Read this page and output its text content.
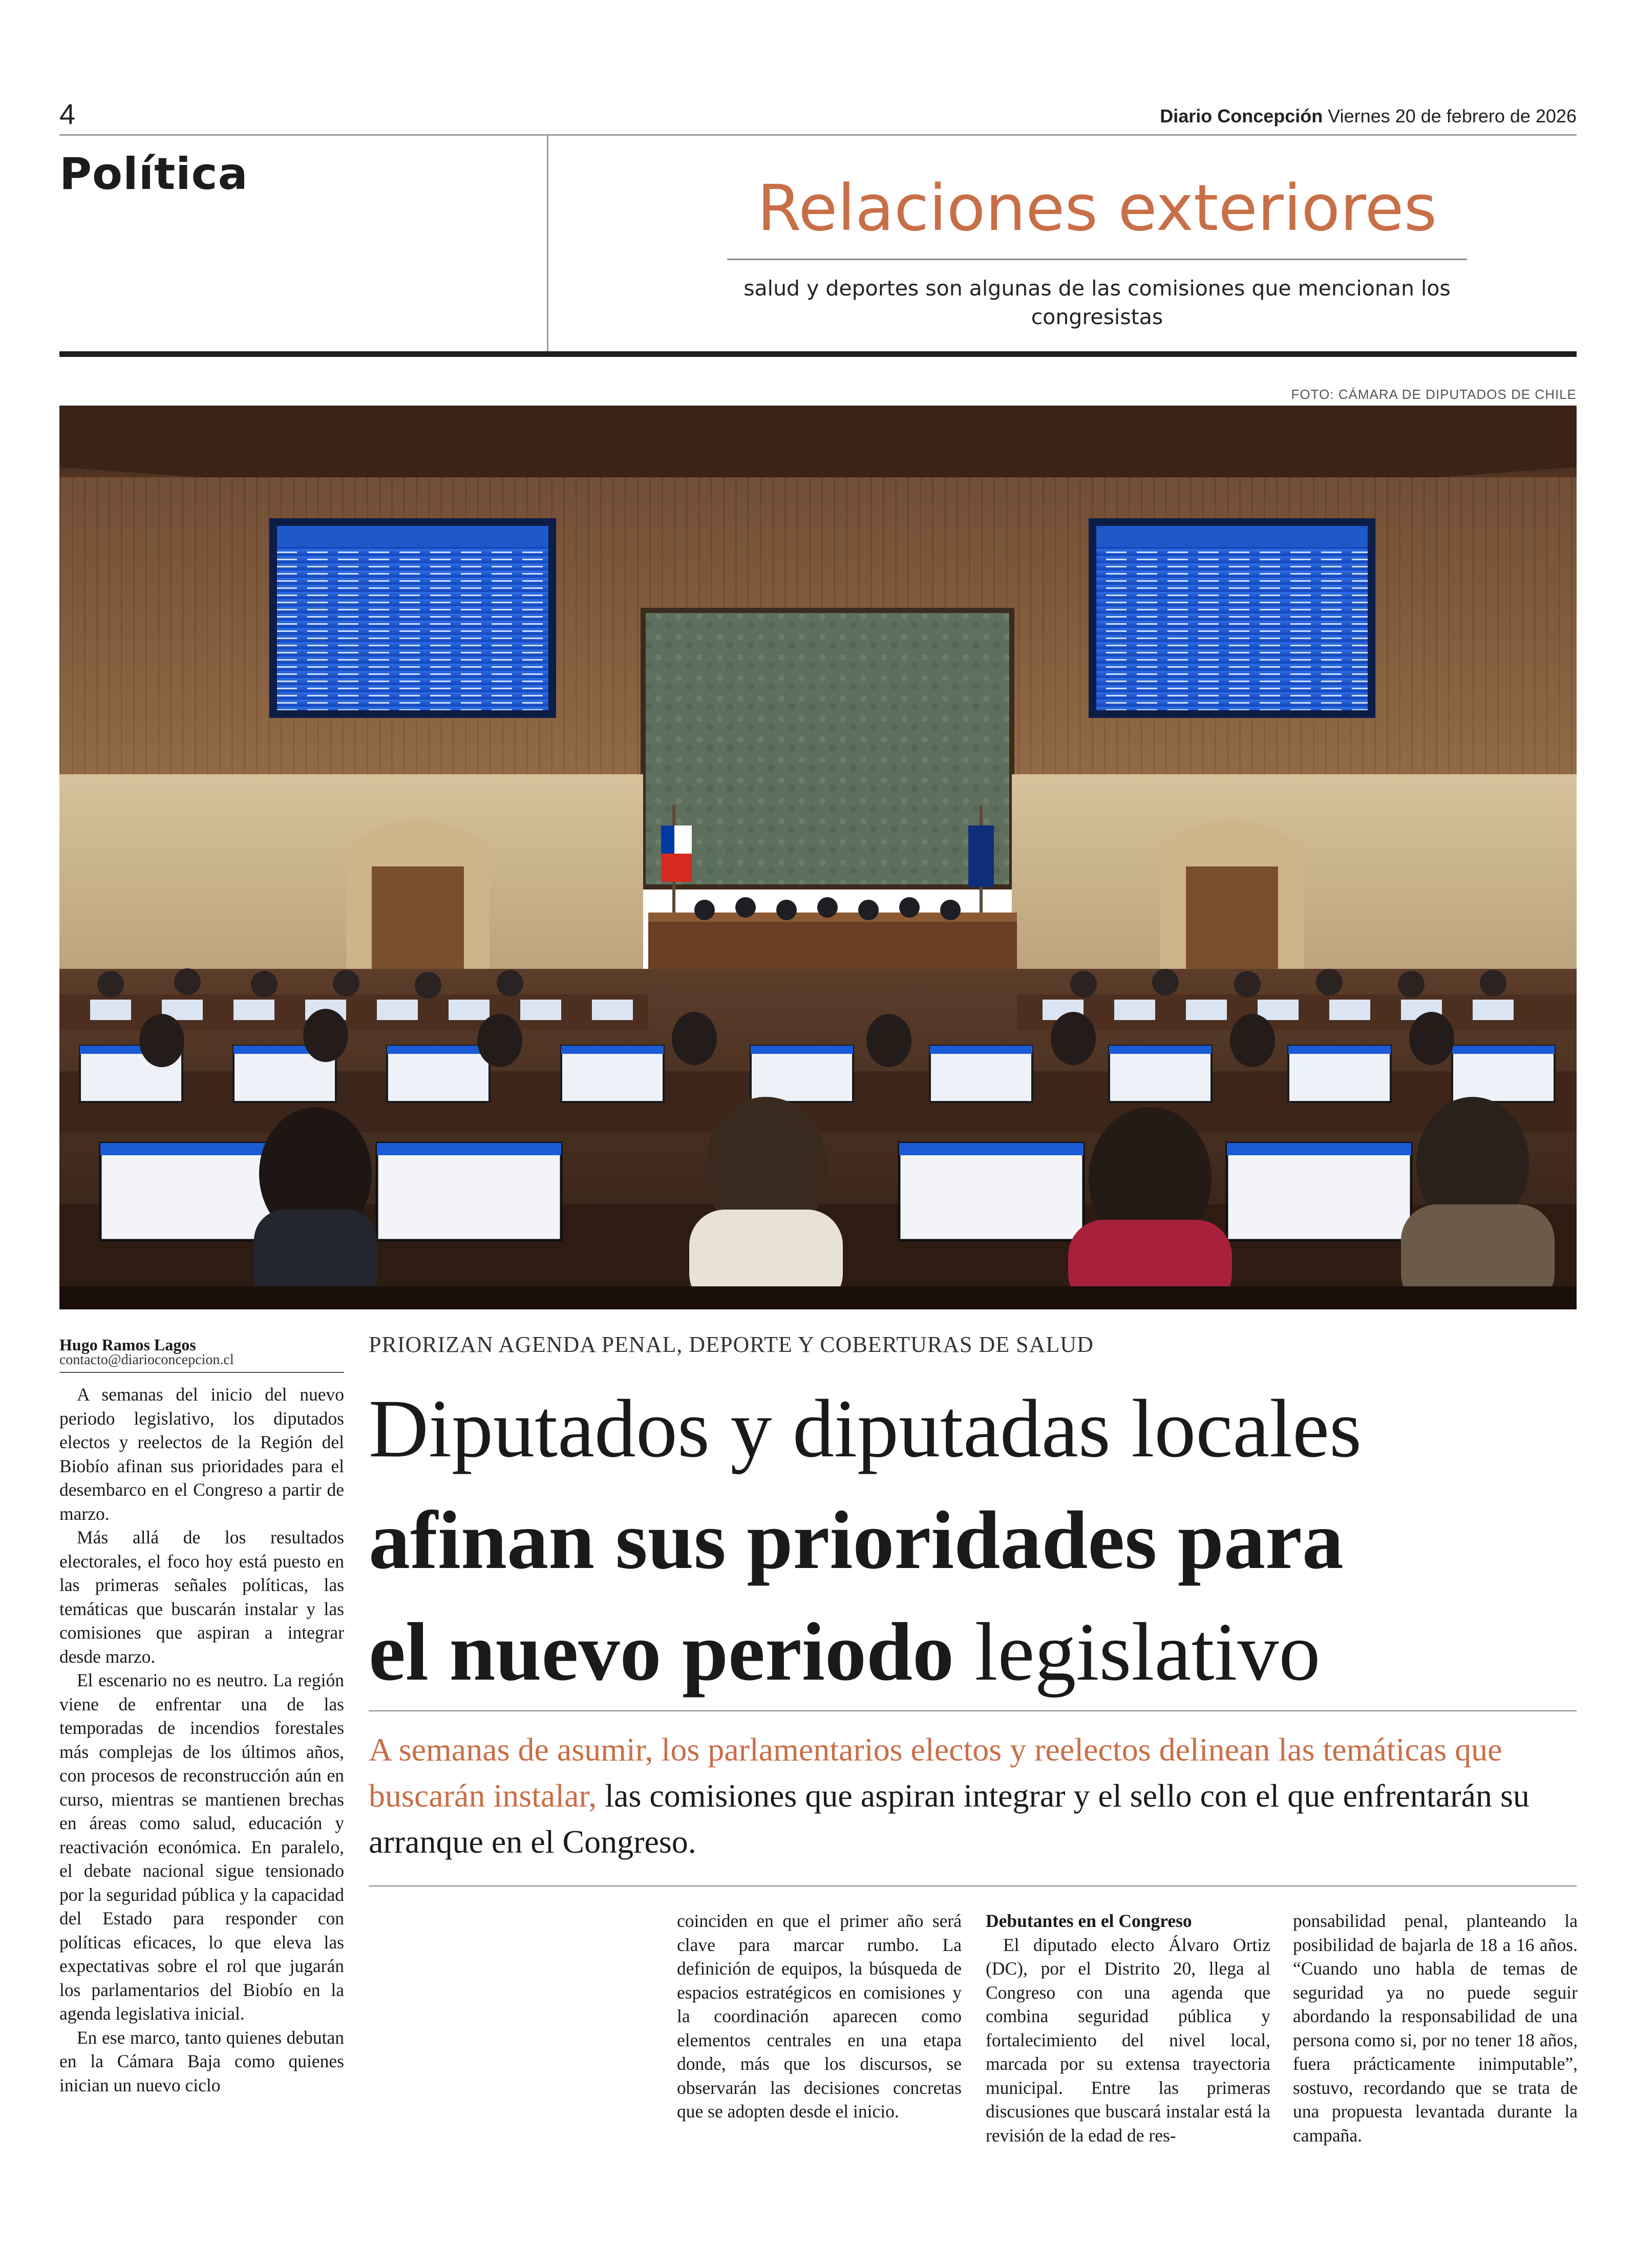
4	Diario Concepción Viernes 20 de febrero de 2026
Política	Relaciones exteriores
salud y deportes son algunas de las comisiones que mencionan los congresistas
FOTO: CÁMARA DE DIPUTADOS DE CHILE
Hugo Ramos Lagos
contacto@diarioconcepcion.cl
PRIORIZAN AGENDA PENAL, DEPORTE Y COBERTURAS DE SALUD
Diputados y diputadas locales
afinan sus prioridades para
el nuevo periodo legislativo
A semanas de asumir, los parlamentarios electos y reelectos delinean las temáticas que buscarán instalar, las comisiones que aspiran integrar y el sello con el que enfrentarán su arranque en el Congreso.

A semanas del inicio del nuevo periodo legislativo, los diputados electos y reelectos de la Región del Biobío afinan sus prioridades para el desembarco en el Congreso a partir de marzo.

Más allá de los resultados electorales, el foco hoy está puesto en las primeras señales políticas, las temáticas que buscarán instalar y las comisiones que aspiran a integrar desde marzo.

El escenario no es neutro. La región viene de enfrentar una de las temporadas de incendios forestales más complejas de los últimos años, con procesos de reconstrucción aún en curso, mientras se mantienen brechas en áreas como salud, educación y reactivación económica. En paralelo, el debate nacional sigue tensionado por la seguridad pública y la capacidad del Estado para responder con políticas eficaces, lo que eleva las expectativas sobre el rol que jugarán los parlamentarios del Biobío en la agenda legislativa inicial.

En ese marco, tanto quienes debutan en la Cámara Baja como quienes inician un nuevo ciclo

coinciden en que el primer año será clave para marcar rumbo. La definición de equipos, la búsqueda de espacios estratégicos en comisiones y la coordinación aparecen como elementos centrales en una etapa donde, más que los discursos, se observarán las decisiones concretas que se adopten desde el inicio.

Debutantes en el Congreso

El diputado electo Álvaro Ortiz (DC), por el Distrito 20, llega al Congreso con una agenda que combina seguridad pública y fortalecimiento del nivel local, marcada por su extensa trayectoria municipal. Entre las primeras discusiones que buscará instalar está la revisión de la edad de res-

ponsabilidad penal, planteando la posibilidad de bajarla de 18 a 16 años. “Cuando uno habla de temas de seguridad ya no puede seguir abordando la responsabilidad de una persona como si, por no tener 18 años, fuera prácticamente inimputable”, sostuvo, recordando que se trata de una propuesta levantada durante la campaña.
